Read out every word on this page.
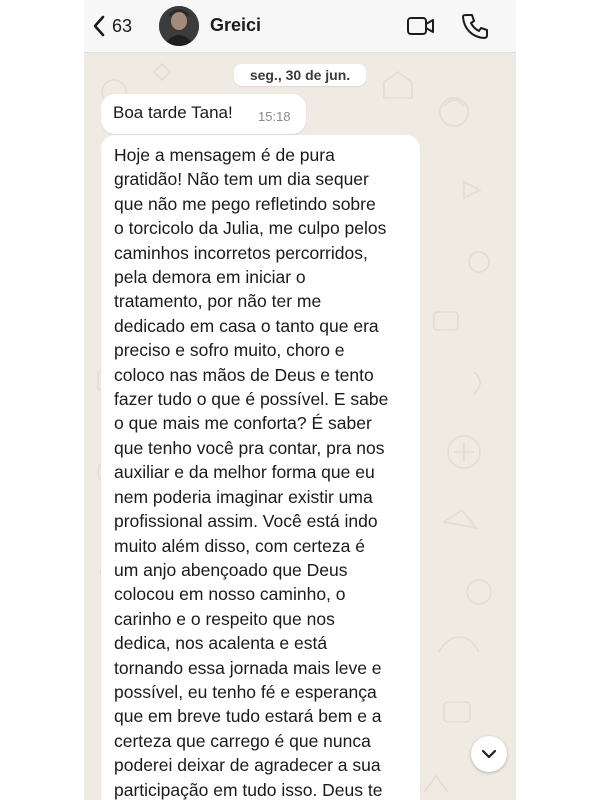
63	Greici
seg., 30 de jun.
Boa tarde Tana! 15:18

Hoje a mensagem é de pura
gratidão! Não tem um dia sequer
que não me pego refletindo sobre
o torcicolo da Julia, me culpo pelos
caminhos incorretos percorridos,
pela demora em iniciar o
tratamento, por não ter me
dedicado em casa o tanto que era
preciso e sofro muito, choro e
coloco nas mãos de Deus e tento
fazer tudo o que é possível. E sabe
o que mais me conforta? É saber
que tenho você pra contar, pra nos
auxiliar e da melhor forma que eu
nem poderia imaginar existir uma
profissional assim. Você está indo
muito além disso, com certeza é
um anjo abençoado que Deus
colocou em nosso caminho, o
carinho e o respeito que nos
dedica, nos acalenta e está
tornando essa jornada mais leve e
possível, eu tenho fé e esperança
que em breve tudo estará bem e a
certeza que carrego é que nunca
poderei deixar de agradecer a sua
participação em tudo isso. Deus te
